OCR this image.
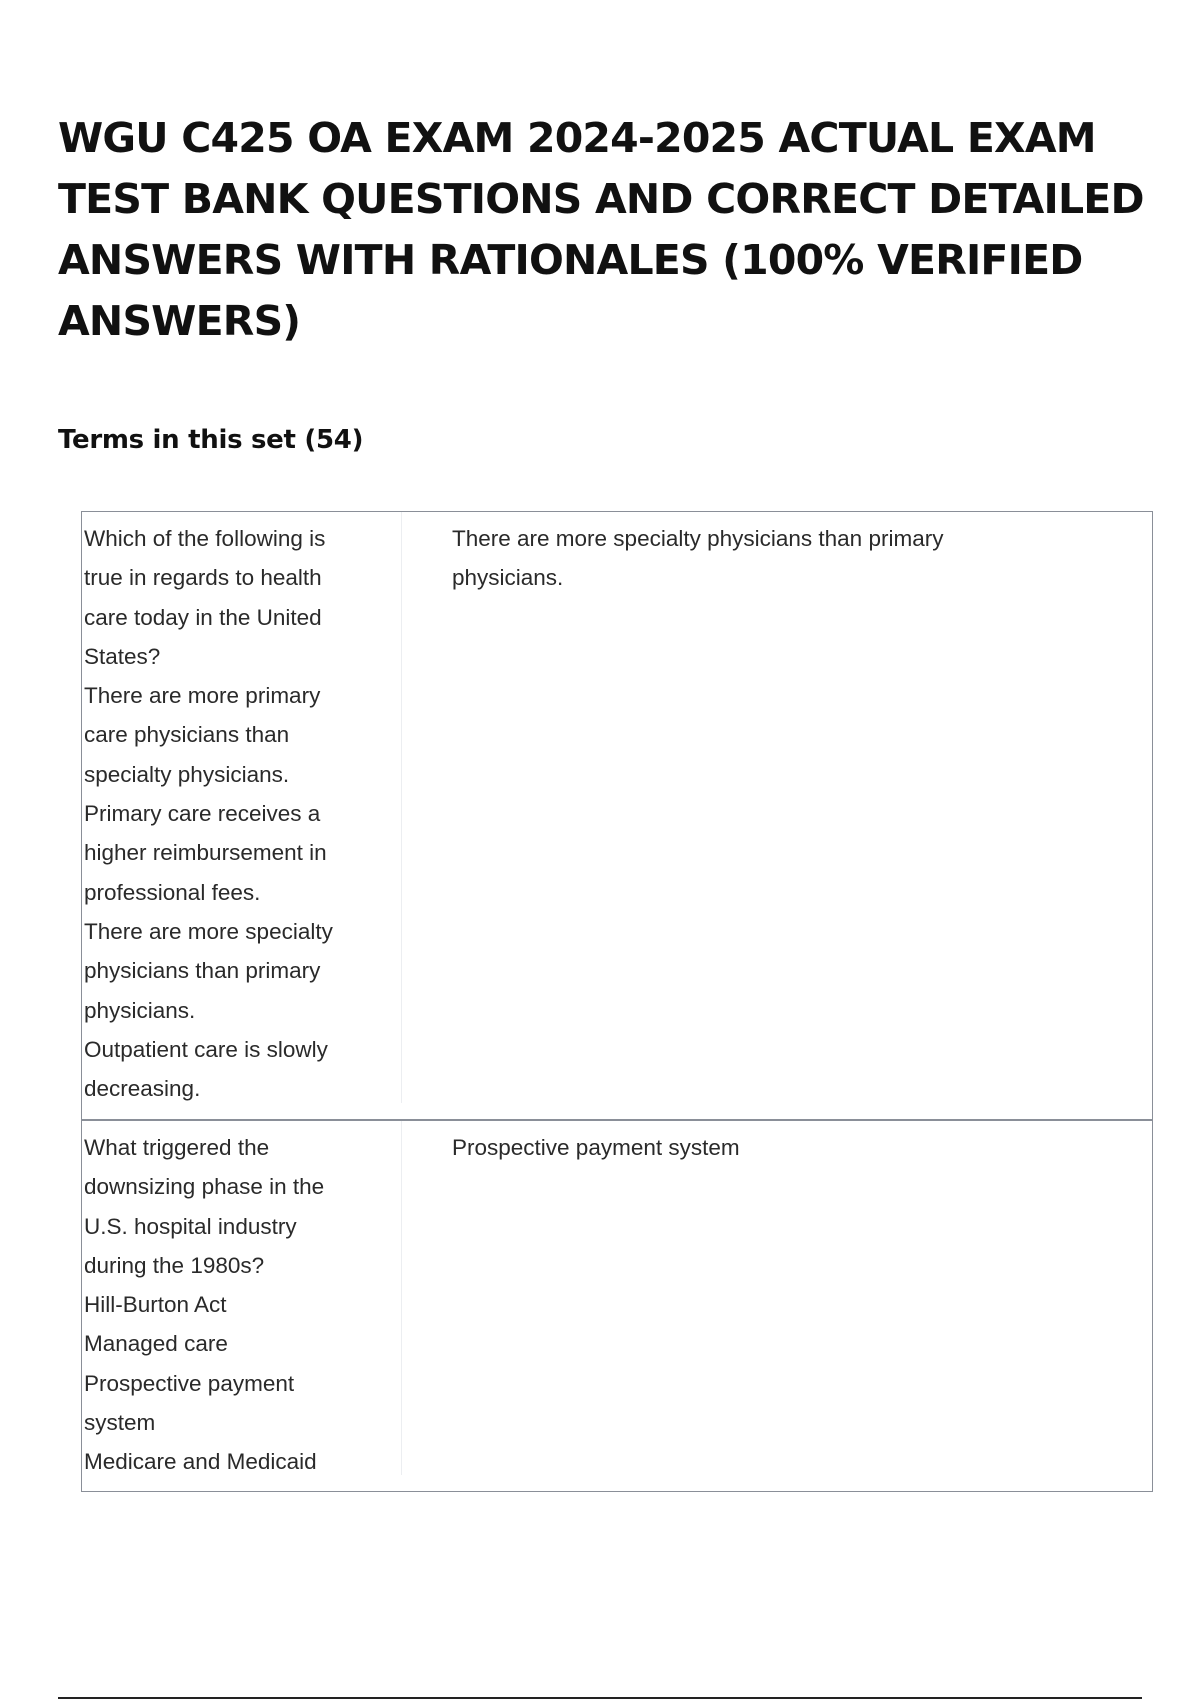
WGU C425 OA EXAM 2024-2025 ACTUAL EXAM TEST BANK QUESTIONS AND CORRECT DETAILED ANSWERS WITH RATIONALES (100% VERIFIED ANSWERS)
Terms in this set (54)
Which of the following is
true in regards to health
care today in the United
States?
There are more primary
care physicians than
specialty physicians.
Primary care receives a
higher reimbursement in
professional fees.
There are more specialty
physicians than primary
physicians.
Outpatient care is slowly
decreasing.
There are more specialty physicians than primary physicians.
What triggered the
downsizing phase in the
U.S. hospital industry
during the 1980s?
Hill-Burton Act
Managed care
Prospective payment
system
Medicare and Medicaid
Prospective payment system
